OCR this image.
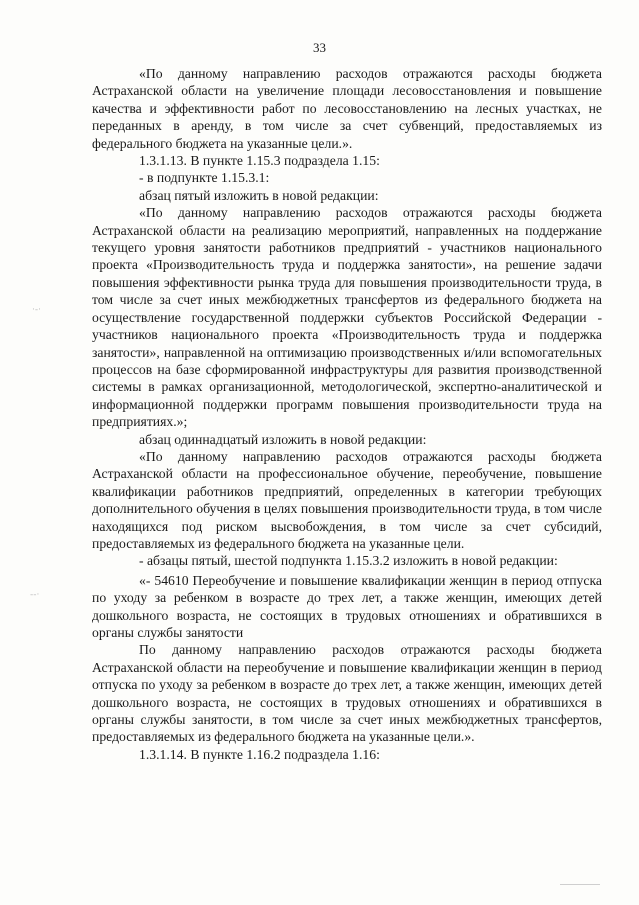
33
·-·
--·

«По данному направлению расходов отражаются расходы бюджета Астраханской области на увеличение площади лесовосстановления и повышение качества и эффективности работ по лесовосстановлению на лесных участках, не переданных в аренду, в том числе за счет субвенций, предоставляемых из федерального бюджета на указанные цели.».

1.3.1.13. В пункте 1.15.3 подраздела 1.15:

- в подпункте 1.15.3.1:

абзац пятый изложить в новой редакции:

«По данному направлению расходов отражаются расходы бюджета Астраханской области на реализацию мероприятий, направленных на поддержание текущего уровня занятости работников предприятий - участников национального проекта «Производительность труда и поддержка занятости», на решение задачи повышения эффективности рынка труда для повышения производительности труда, в том числе за счет иных межбюджетных трансфертов из федерального бюджета на осуществление государственной поддержки субъектов Российской Федерации - участников национального проекта «Производительность труда и поддержка занятости», направленной на оптимизацию производственных и/или вспомогательных процессов на базе сформированной инфраструктуры для развития производственной системы в рамках организационной, методологической, экспертно-аналитической и информационной поддержки программ повышения производительности труда на предприятиях.»;

абзац одиннадцатый изложить в новой редакции:

«По данному направлению расходов отражаются расходы бюджета Астраханской области на профессиональное обучение, переобучение, повышение квалификации работников предприятий, определенных в категории требующих дополнительного обучения в целях повышения производительности труда, в том числе находящихся под риском высвобождения, в том числе за счет субсидий, предоставляемых из федерального бюджета на указанные цели.

- абзацы пятый, шестой подпункта 1.15.3.2 изложить в новой редакции:

«- 54610 Переобучение и повышение квалификации женщин в период отпуска по уходу за ребенком в возрасте до трех лет, а также женщин, имеющих детей дошкольного возраста, не состоящих в трудовых отношениях и обратившихся в органы службы занятости

По данному направлению расходов отражаются расходы бюджета Астраханской области на переобучение и повышение квалификации женщин в период отпуска по уходу за ребенком в возрасте до трех лет, а также женщин, имеющих детей дошкольного возраста, не состоящих в трудовых отношениях и обратившихся в органы службы занятости, в том числе за счет иных межбюджетных трансфертов, предоставляемых из федерального бюджета на указанные цели.».

1.3.1.14. В пункте 1.16.2 подраздела 1.16:
